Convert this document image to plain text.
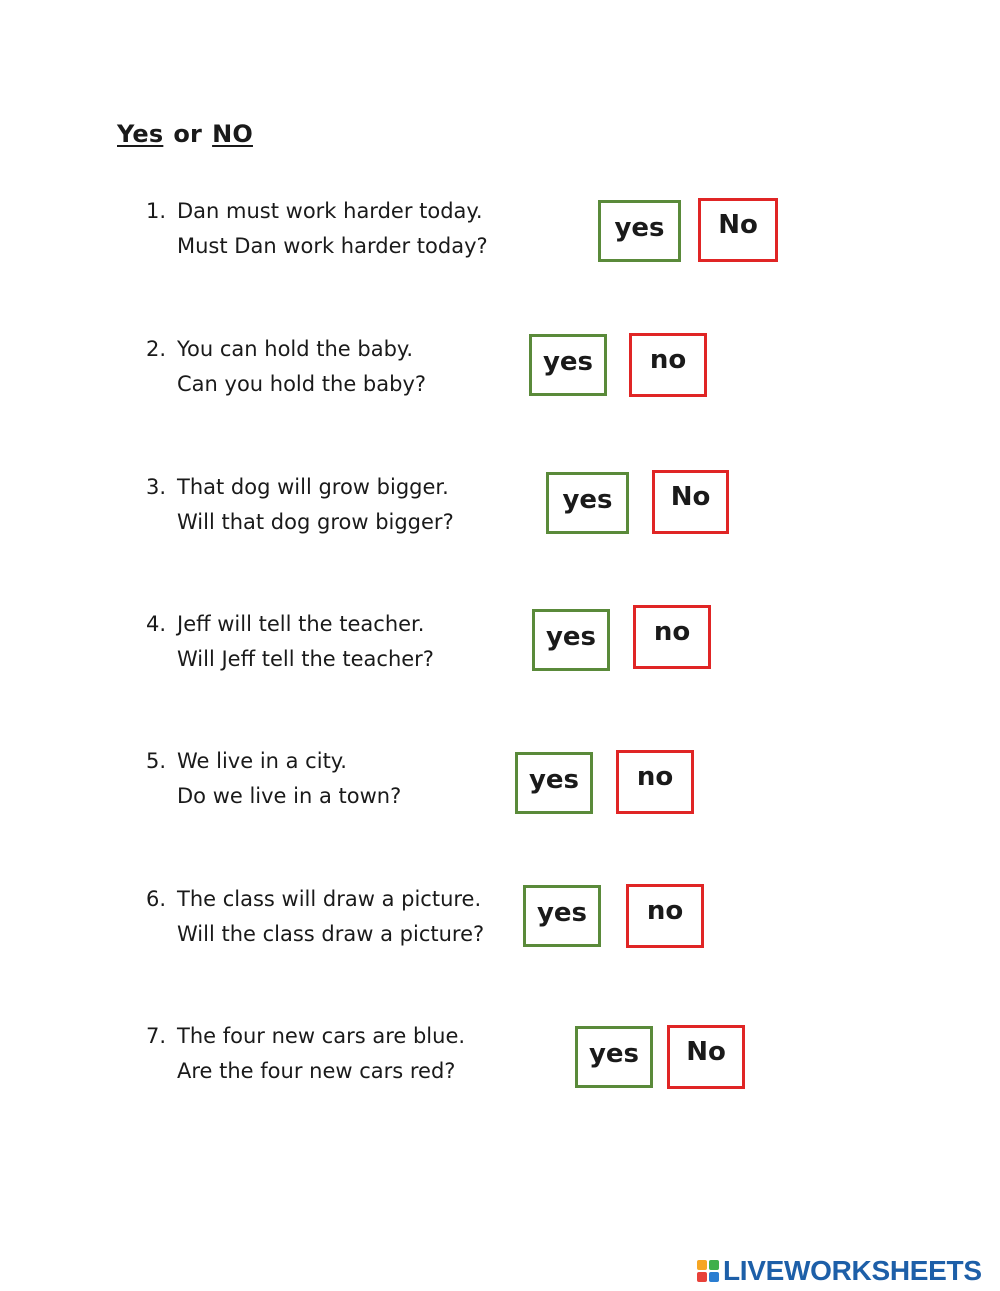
Yes or NO
1. Dan must work harder today.
Must Dan work harder today?
yes	No
2. You can hold the baby.
Can you hold the baby?
yes	no
3. That dog will grow bigger.
Will that dog grow bigger?
yes	No
4. Jeff will tell the teacher.
Will Jeff tell the teacher?
yes	no
5. We live in a city.
Do we live in a town?
yes	no
6. The class will draw a picture.
Will the class draw a picture?
yes	no
7. The four new cars are blue.
Are the four new cars red?
yes	No
LIVEWORKSHEETS
